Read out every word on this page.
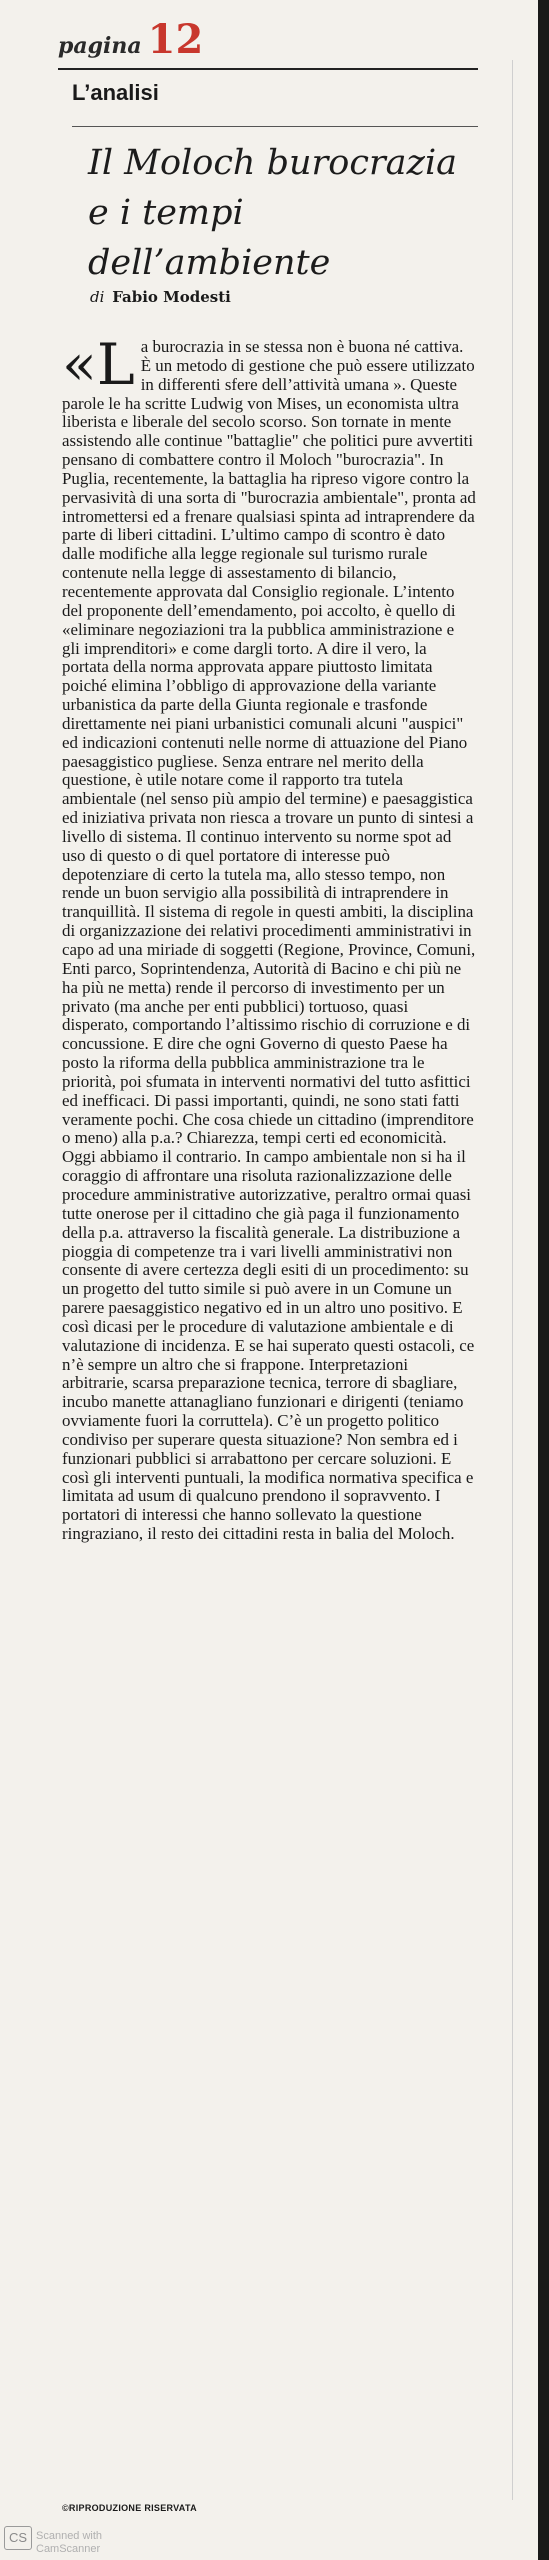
pagina 12
L’analisi
Il Moloch burocrazia e i tempi dell’ambiente
di Fabio Modesti
«L a burocrazia in se stessa non è buona né cattiva. È un metodo di gestione che può essere utilizzato in differenti sfere dell’attività umana ». Queste parole le ha scritte Ludwig von Mises, un economista ultra liberista e liberale del secolo scorso. Son tornate in mente assistendo alle continue "battaglie" che politici pure avvertiti pensano di combattere contro il Moloch "burocrazia". In Puglia, recentemente, la battaglia ha ripreso vigore contro la pervasività di una sorta di "burocrazia ambientale", pronta ad intromettersi ed a frenare qualsiasi spinta ad intraprendere da parte di liberi cittadini. L’ultimo campo di scontro è dato dalle modifiche alla legge regionale sul turismo rurale contenute nella legge di assestamento di bilancio, recentemente approvata dal Consiglio regionale. L’intento del proponente dell’emendamento, poi accolto, è quello di «eliminare negoziazioni tra la pubblica amministrazione e gli imprenditori» e come dargli torto. A dire il vero, la portata della norma approvata appare piuttosto limitata poiché elimina l’obbligo di approvazione della variante urbanistica da parte della Giunta regionale e trasfonde direttamente nei piani urbanistici comunali alcuni "auspici" ed indicazioni contenuti nelle norme di attuazione del Piano paesaggistico pugliese. Senza entrare nel merito della questione, è utile notare come il rapporto tra tutela ambientale (nel senso più ampio del termine) e paesaggistica ed iniziativa privata non riesca a trovare un punto di sintesi a livello di sistema. Il continuo intervento su norme spot ad uso di questo o di quel portatore di interesse può depotenziare di certo la tutela ma, allo stesso tempo, non rende un buon servigio alla possibilità di intraprendere in tranquillità. Il sistema di regole in questi ambiti, la disciplina di organizzazione dei relativi procedimenti amministrativi in capo ad una miriade di soggetti (Regione, Province, Comuni, Enti parco, Soprintendenza, Autorità di Bacino e chi più ne ha più ne metta) rende il percorso di investimento per un privato (ma anche per enti pubblici) tortuoso, quasi disperato, comportando l’altissimo rischio di corruzione e di concussione. E dire che ogni Governo di questo Paese ha posto la riforma della pubblica amministrazione tra le priorità, poi sfumata in interventi normativi del tutto asfittici ed inefficaci. Di passi importanti, quindi, ne sono stati fatti veramente pochi. Che cosa chiede un cittadino (imprenditore o meno) alla p.a.? Chiarezza, tempi certi ed economicità. Oggi abbiamo il contrario. In campo ambientale non si ha il coraggio di affrontare una risoluta razionalizzazione delle procedure amministrative autorizzative, peraltro ormai quasi tutte onerose per il cittadino che già paga il funzionamento della p.a. attraverso la fiscalità generale. La distribuzione a pioggia di competenze tra i vari livelli amministrativi non consente di avere certezza degli esiti di un procedimento: su un progetto del tutto simile si può avere in un Comune un parere paesaggistico negativo ed in un altro uno positivo. E così dicasi per le procedure di valutazione ambientale e di valutazione di incidenza. E se hai superato questi ostacoli, ce n’è sempre un altro che si frappone. Interpretazioni arbitrarie, scarsa preparazione tecnica, terrore di sbagliare, incubo manette attanagliano funzionari e dirigenti (teniamo ovviamente fuori la corruttela). C’è un progetto politico condiviso per superare questa situazione? Non sembra ed i funzionari pubblici si arrabattono per cercare soluzioni. E così gli interventi puntuali, la modifica normativa specifica e limitata ad usum di qualcuno prendono il sopravvento. I portatori di interessi che hanno sollevato la questione ringraziano, il resto dei cittadini resta in balia del Moloch.

©RIPRODUZIONE RISERVATA
CS Scanned with
CamScanner
